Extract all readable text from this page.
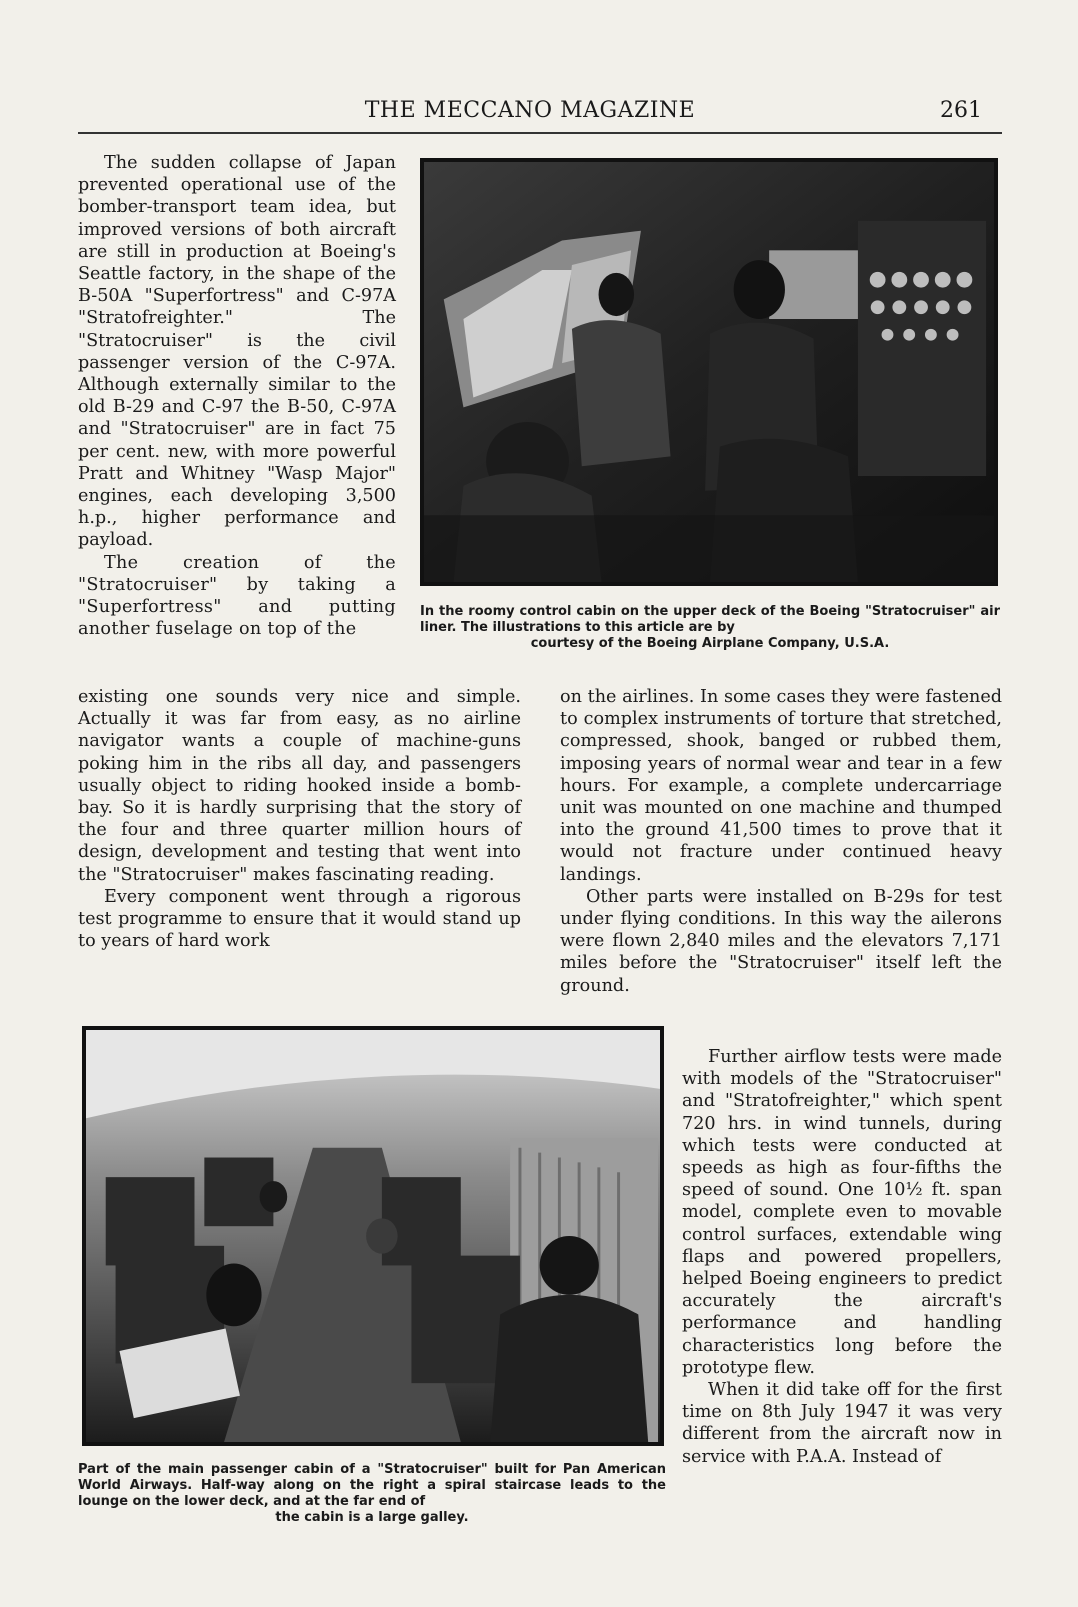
THE MECCANO MAGAZINE	261

The sudden collapse of Japan prevented operational use of the bomber-transport team idea, but improved versions of both aircraft are still in production at Boeing's Seattle factory, in the shape of the B-50A "Superfortress" and C-97A "Stratofreighter." The "Stratocruiser" is the civil passenger version of the C-97A. Although externally similar to the old B-29 and C-97 the B-50, C-97A and "Stratocruiser" are in fact 75 per cent. new, with more powerful Pratt and Whitney "Wasp Major" engines, each developing 3,500 h.p., higher performance and payload.

The creation of the "Stratocruiser" by taking a "Superfortress" and putting another fuselage on top of the

In the roomy control cabin on the upper deck of the Boeing "Stratocruiser" air liner. The illustrations to this article are by
courtesy of the Boeing Airplane Company, U.S.A.

existing one sounds very nice and simple. Actually it was far from easy, as no airline navigator wants a couple of machine-guns poking him in the ribs all day, and passengers usually object to riding hooked inside a bomb-bay. So it is hardly surprising that the story of the four and three quarter million hours of design, development and testing that went into the "Stratocruiser" makes fascinating reading.

Every component went through a rigorous test programme to ensure that it would stand up to years of hard work

on the airlines. In some cases they were fastened to complex instruments of torture that stretched, compressed, shook, banged or rubbed them, imposing years of normal wear and tear in a few hours. For example, a complete undercarriage unit was mounted on one machine and thumped into the ground 41,500 times to prove that it would not fracture under continued heavy landings.

Other parts were installed on B-29s for test under flying conditions. In this way the ailerons were flown 2,840 miles and the elevators 7,171 miles before the "Stratocruiser" itself left the ground.

Part of the main passenger cabin of a "Stratocruiser" built for Pan American World Airways. Half-way along on the right a spiral staircase leads to the lounge on the lower deck, and at the far end of
the cabin is a large galley.

Further airflow tests were made with models of the "Stratocruiser" and "Stratofreighter," which spent 720 hrs. in wind tunnels, during which tests were conducted at speeds as high as four-fifths the speed of sound. One 10½ ft. span model, complete even to movable control surfaces, extendable wing flaps and powered propellers, helped Boeing engineers to predict accurately the aircraft's performance and handling characteristics long before the prototype flew.

When it did take off for the first time on 8th July 1947 it was very different from the aircraft now in service with P.A.A. Instead of
